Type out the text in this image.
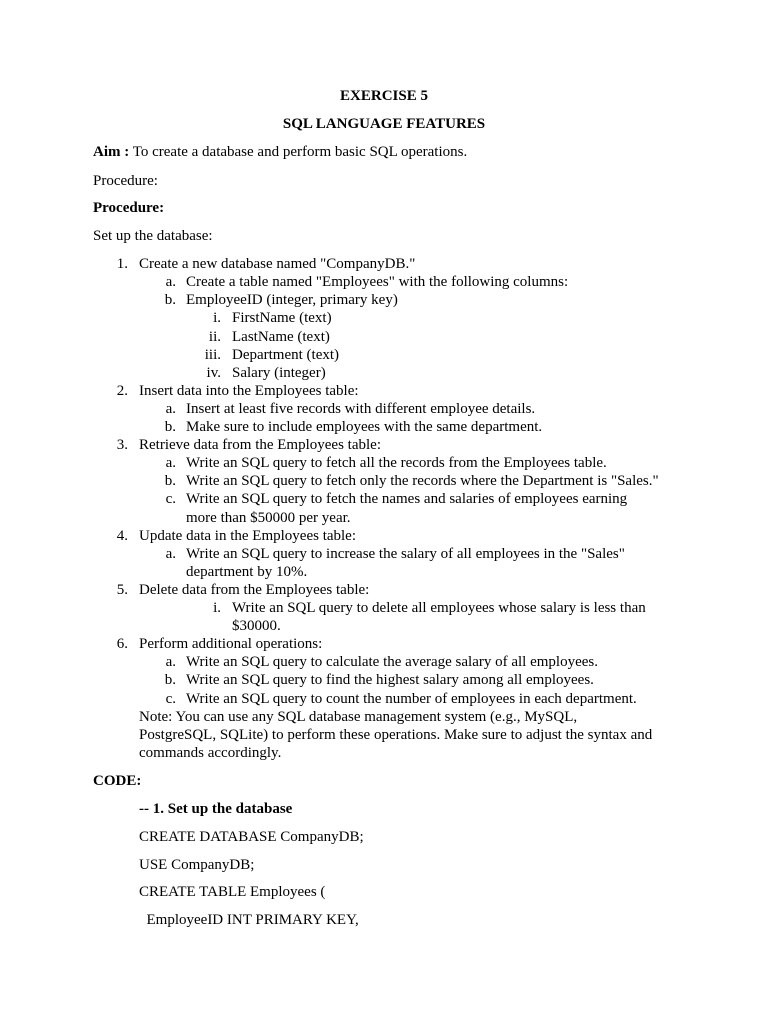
EXERCISE 5
SQL LANGUAGE FEATURES
Aim : To create a database and perform basic SQL operations.
Procedure:
Procedure:
Set up the database:
1. Create a new database named "CompanyDB."
a. Create a table named "Employees" with the following columns:
b. EmployeeID (integer, primary key)
i. FirstName (text)
ii. LastName (text)
iii. Department (text)
iv. Salary (integer)
2. Insert data into the Employees table:
a. Insert at least five records with different employee details.
b. Make sure to include employees with the same department.
3. Retrieve data from the Employees table:
a. Write an SQL query to fetch all the records from the Employees table.
b. Write an SQL query to fetch only the records where the Department is "Sales."
c. Write an SQL query to fetch the names and salaries of employees earning
more than $50000 per year.
4. Update data in the Employees table:
a. Write an SQL query to increase the salary of all employees in the "Sales"
department by 10%.
5. Delete data from the Employees table:
i. Write an SQL query to delete all employees whose salary is less than
$30000.
6. Perform additional operations:
a. Write an SQL query to calculate the average salary of all employees.
b. Write an SQL query to find the highest salary among all employees.
c. Write an SQL query to count the number of employees in each department.
Note: You can use any SQL database management system (e.g., MySQL,
PostgreSQL, SQLite) to perform these operations. Make sure to adjust the syntax and
commands accordingly.
CODE:
-- 1. Set up the database
CREATE DATABASE CompanyDB;
USE CompanyDB;
CREATE TABLE Employees (
EmployeeID INT PRIMARY KEY,
